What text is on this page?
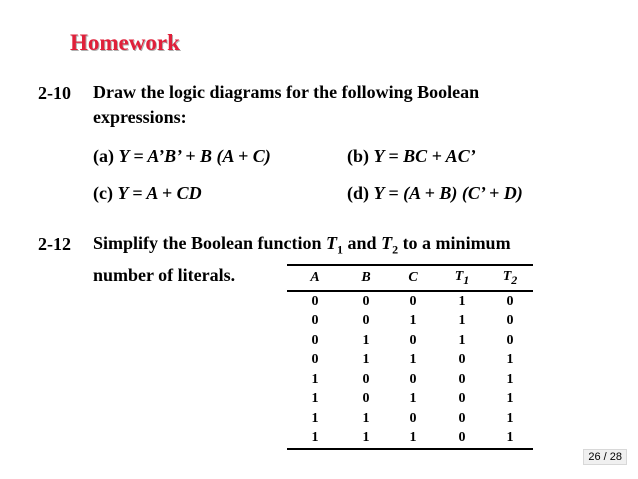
Homework
2-10 Draw the logic diagrams for the following Boolean
expressions:
(a) Y = A’B’ + B (A + C)	(b) Y = BC + AC’
(c) Y = A + CD	(d) Y = (A + B) (C’ + D)
2-12 Simplify the Boolean function $T_1$ and $T_2$ to a minimum
number of literals.	A	B	C	$T_1$	$T_2$
0	0	0	1	0
0	0	1	1	0
0	1	0	1	0
0	1	1	0	1
1	0	0	0	1
1	0	1	0	1
1	1	0	0	1
1	1	1	0	1
26 / 28
